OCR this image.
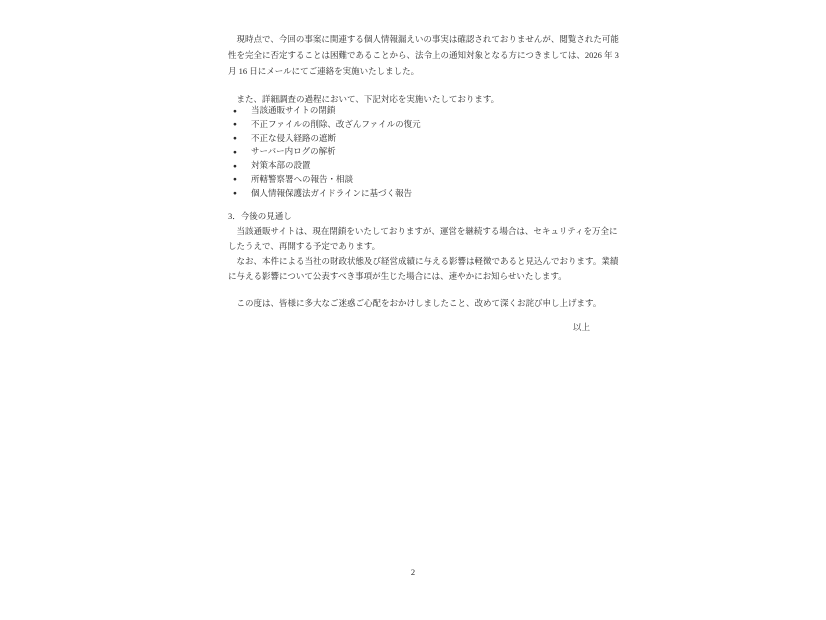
　現時点で、今回の事案に関連する個人情報漏えいの事実は確認されておりませんが、閲覧された可能
性を完全に否定することは困難であることから、法令上の通知対象となる方につきましては、2026 年 3
月 16 日にメールにてご連絡を実施いたしました。
　また、詳細調査の過程において、下記対応を実施いたしております。
● 当該通販サイトの閉鎖
● 不正ファイルの削除、改ざんファイルの復元
● 不正な侵入経路の遮断
● サーバー内ログの解析
● 対策本部の設置
● 所轄警察署への報告・相談
● 個人情報保護法ガイドラインに基づく報告
3．今後の見通し
　当該通販サイトは、現在閉鎖をいたしておりますが、運営を継続する場合は、セキュリティを万全に
したうえで、再開する予定であります。
　なお、本件による当社の財政状態及び経営成績に与える影響は軽微であると見込んでおります。業績
に与える影響について公表すべき事項が生じた場合には、速やかにお知らせいたします。
　この度は、皆様に多大なご迷惑ご心配をおかけしましたこと、改めて深くお詫び申し上げます。
以上
2
